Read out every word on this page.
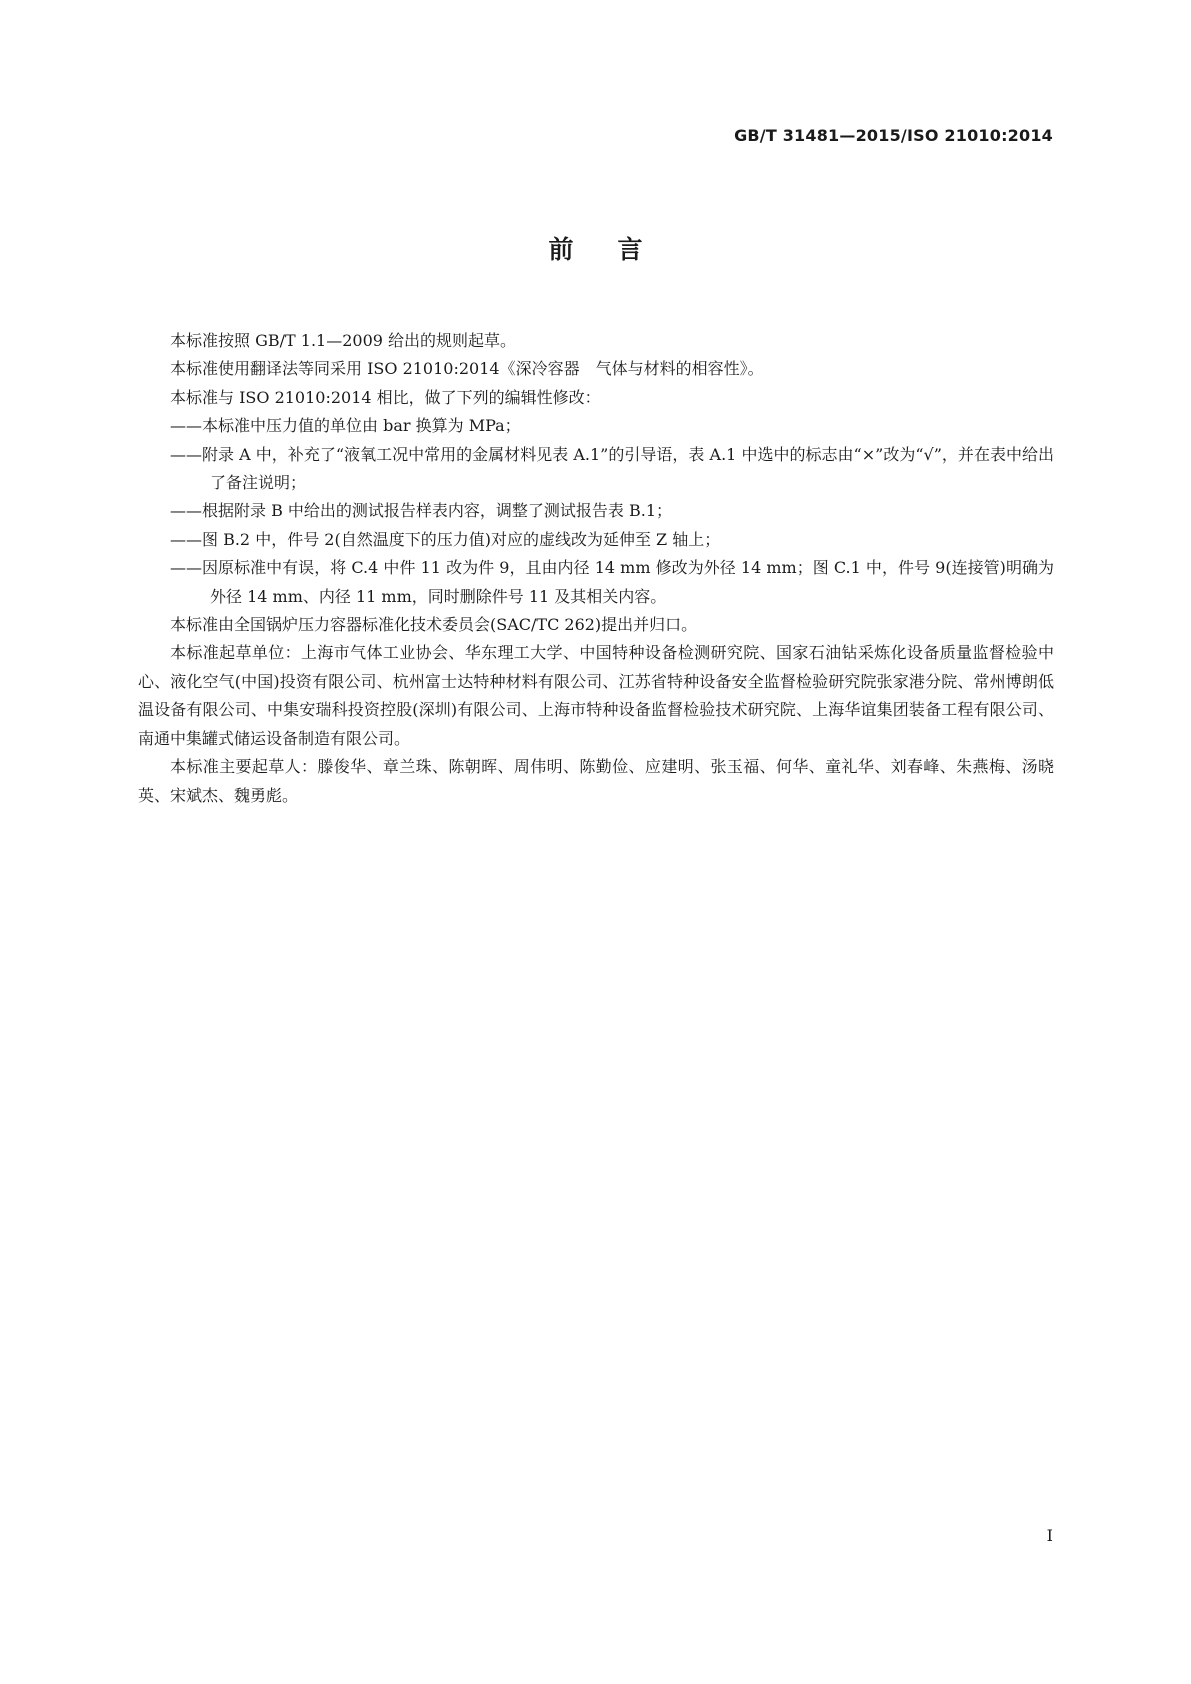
GB/T 31481—2015/ISO 21010:2014
前言

本标准按照 GB/T 1.1—2009 给出的规则起草。

本标准使用翻译法等同采用 ISO 21010:2014《深冷容器　气体与材料的相容性》。

本标准与 ISO 21010:2014 相比，做了下列的编辑性修改：

——本标准中压力值的单位由 bar 换算为 MPa；

——附录 A 中，补充了“液氧工况中常用的金属材料见表 A.1”的引导语，表 A.1 中选中的标志由“×”改为“√”，并在表中给出了备注说明；

——根据附录 B 中给出的测试报告样表内容，调整了测试报告表 B.1；

——图 B.2 中，件号 2(自然温度下的压力值)对应的虚线改为延伸至 Z 轴上；

——因原标准中有误，将 C.4 中件 11 改为件 9，且由内径 14 mm 修改为外径 14 mm；图 C.1 中，件号 9(连接管)明确为外径 14 mm、内径 11 mm，同时删除件号 11 及其相关内容。

本标准由全国锅炉压力容器标准化技术委员会(SAC/TC 262)提出并归口。

本标准起草单位：上海市气体工业协会、华东理工大学、中国特种设备检测研究院、国家石油钻采炼化设备质量监督检验中心、液化空气(中国)投资有限公司、杭州富士达特种材料有限公司、江苏省特种设备安全监督检验研究院张家港分院、常州博朗低温设备有限公司、中集安瑞科投资控股(深圳)有限公司、上海市特种设备监督检验技术研究院、上海华谊集团装备工程有限公司、南通中集罐式储运设备制造有限公司。

本标准主要起草人：滕俊华、章兰珠、陈朝晖、周伟明、陈勤俭、应建明、张玉福、何华、童礼华、刘春峰、朱燕梅、汤晓英、宋斌杰、魏勇彪。

I
